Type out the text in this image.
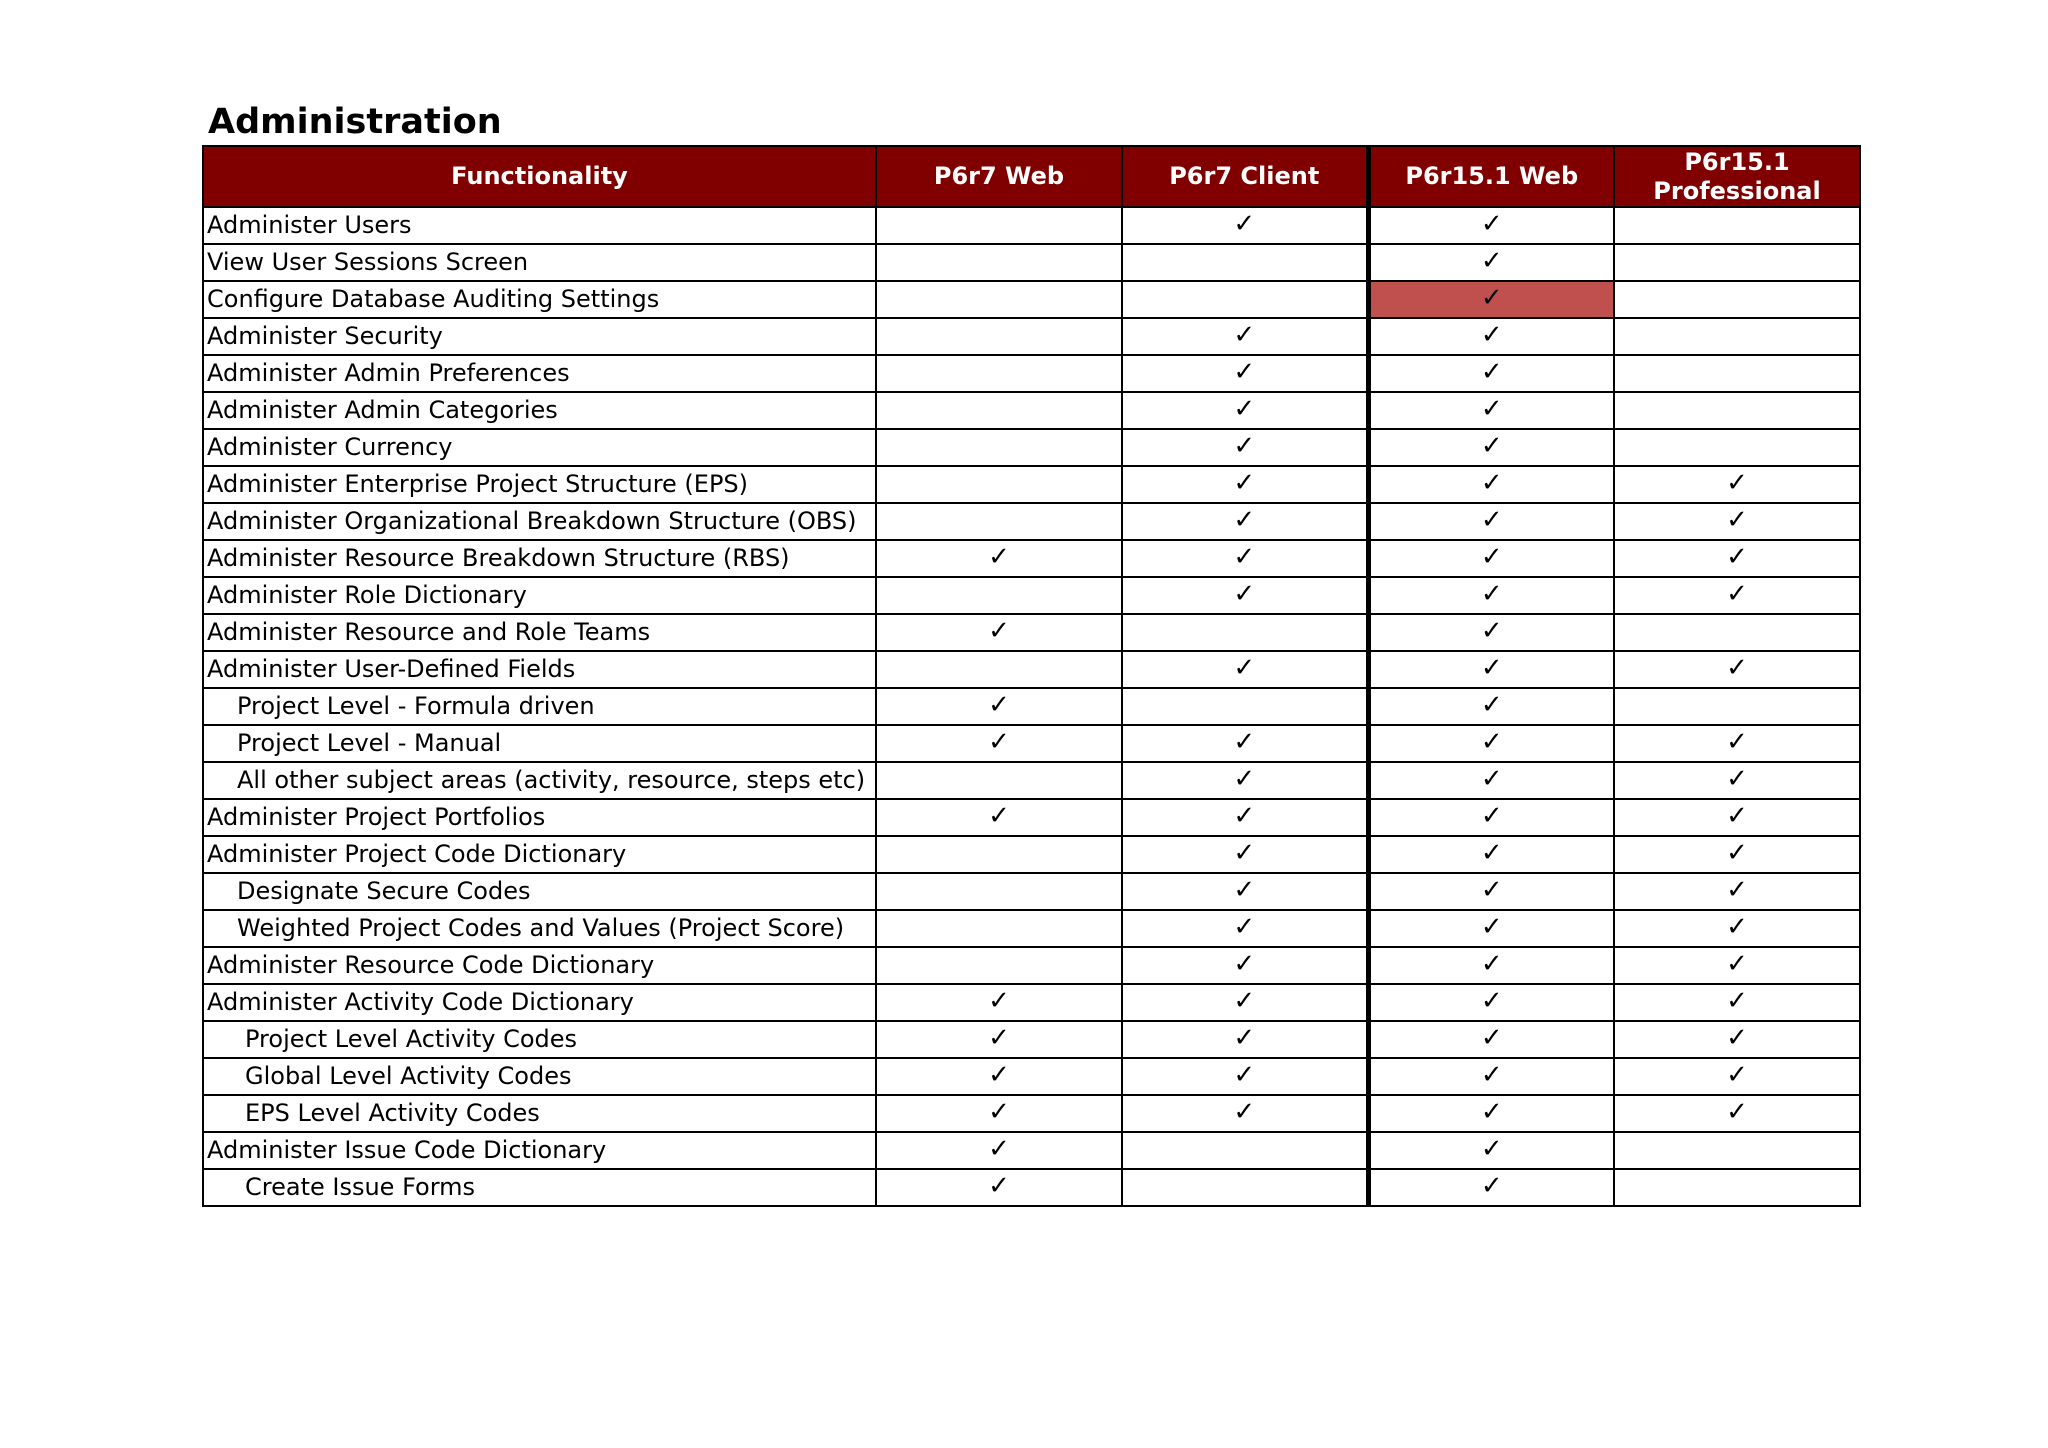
Administration
Functionality	P6r7 Web	P6r7 Client	P6r15.1 Web	P6r15.1
Professional
Administer Users		✓	✓	
View User Sessions Screen			✓	
Configure Database Auditing Settings			✓	
Administer Security		✓	✓	
Administer Admin Preferences		✓	✓	
Administer Admin Categories		✓	✓	
Administer Currency		✓	✓	
Administer Enterprise Project Structure (EPS)		✓	✓	✓
Administer Organizational Breakdown Structure (OBS)		✓	✓	✓
Administer Resource Breakdown Structure (RBS)	✓	✓	✓	✓
Administer Role Dictionary		✓	✓	✓
Administer Resource and Role Teams	✓		✓	
Administer User-Defined Fields		✓	✓	✓
Project Level - Formula driven	✓		✓	
Project Level - Manual	✓	✓	✓	✓
All other subject areas (activity, resource, steps etc)		✓	✓	✓
Administer Project Portfolios	✓	✓	✓	✓
Administer Project Code Dictionary		✓	✓	✓
Designate Secure Codes		✓	✓	✓
Weighted Project Codes and Values (Project Score)		✓	✓	✓
Administer Resource Code Dictionary		✓	✓	✓
Administer Activity Code Dictionary	✓	✓	✓	✓
Project Level Activity Codes	✓	✓	✓	✓
Global Level Activity Codes	✓	✓	✓	✓
EPS Level Activity Codes	✓	✓	✓	✓
Administer Issue Code Dictionary	✓		✓	
Create Issue Forms	✓		✓	
